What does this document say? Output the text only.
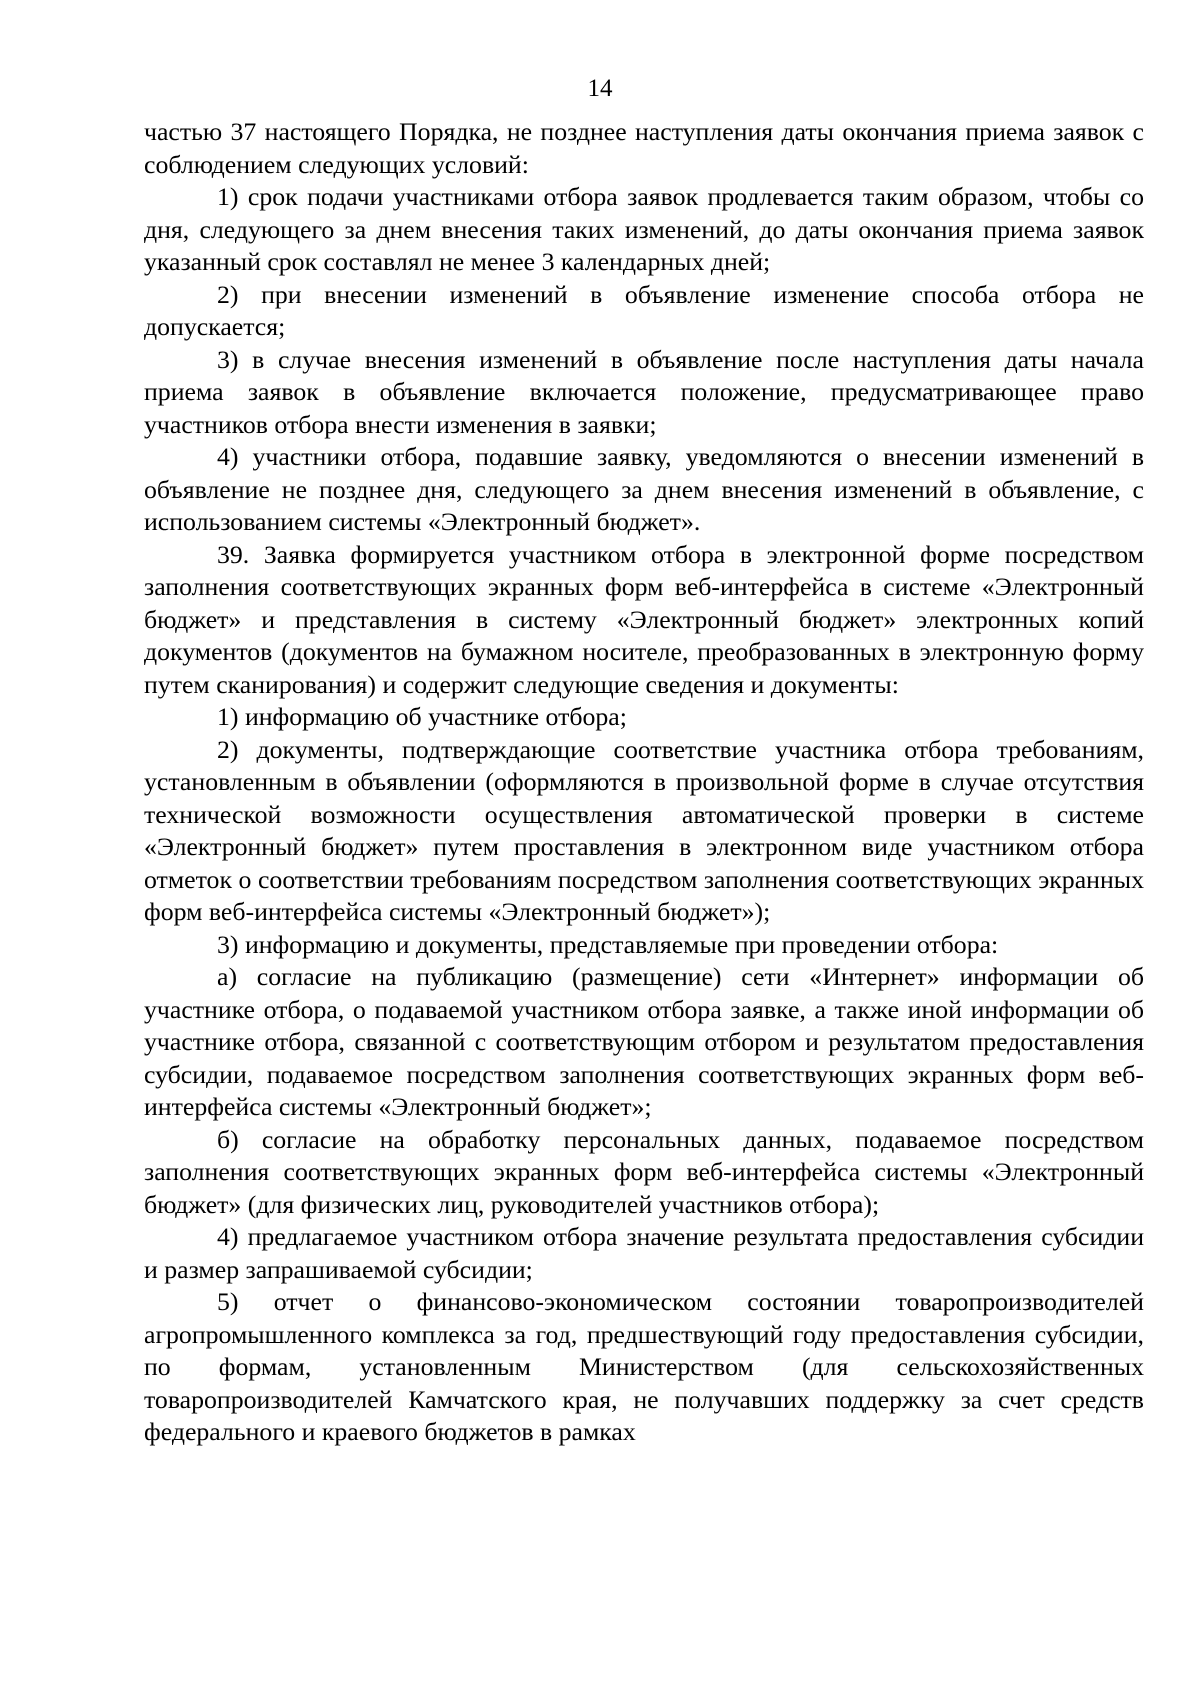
14

частью 37 настоящего Порядка, не позднее наступления даты окончания приема заявок с соблюдением следующих условий:

1) срок подачи участниками отбора заявок продлевается таким образом, чтобы со дня, следующего за днем внесения таких изменений, до даты окончания приема заявок указанный срок составлял не менее 3 календарных дней;

2) при внесении изменений в объявление изменение способа отбора не допускается;

3) в случае внесения изменений в объявление после наступления даты начала приема заявок в объявление включается положение, предусматривающее право участников отбора внести изменения в заявки;

4) участники отбора, подавшие заявку, уведомляются о внесении изменений в объявление не позднее дня, следующего за днем внесения изменений в объявление, с использованием системы «Электронный бюджет».

39. Заявка формируется участником отбора в электронной форме посредством заполнения соответствующих экранных форм веб-интерфейса в системе «Электронный бюджет» и представления в систему «Электронный бюджет» электронных копий документов (документов на бумажном носителе, преобразованных в электронную форму путем сканирования) и содержит следующие сведения и документы:

1) информацию об участнике отбора;

2) документы, подтверждающие соответствие участника отбора требованиям, установленным в объявлении (оформляются в произвольной форме в случае отсутствия технической возможности осуществления автоматической проверки в системе «Электронный бюджет» путем проставления в электронном виде участником отбора отметок о соответствии требованиям посредством заполнения соответствующих экранных форм веб-интерфейса системы «Электронный бюджет»);

3) информацию и документы, представляемые при проведении отбора:

а) согласие на публикацию (размещение) сети «Интернет» информации об участнике отбора, о подаваемой участником отбора заявке, а также иной информации об участнике отбора, связанной с соответствующим отбором и результатом предоставления субсидии, подаваемое посредством заполнения соответствующих экранных форм веб-интерфейса системы «Электронный бюджет»;

б) согласие на обработку персональных данных, подаваемое посредством заполнения соответствующих экранных форм веб-интерфейса системы «Электронный бюджет» (для физических лиц, руководителей участников отбора);

4) предлагаемое участником отбора значение результата предоставления субсидии и размер запрашиваемой субсидии;

5) отчет о финансово-экономическом состоянии товаропроизводителей агропромышленного комплекса за год, предшествующий году предоставления субсидии, по формам, установленным Министерством (для сельскохозяйственных товаропроизводителей Камчатского края, не получавших поддержку за счет средств федерального и краевого бюджетов в рамках
